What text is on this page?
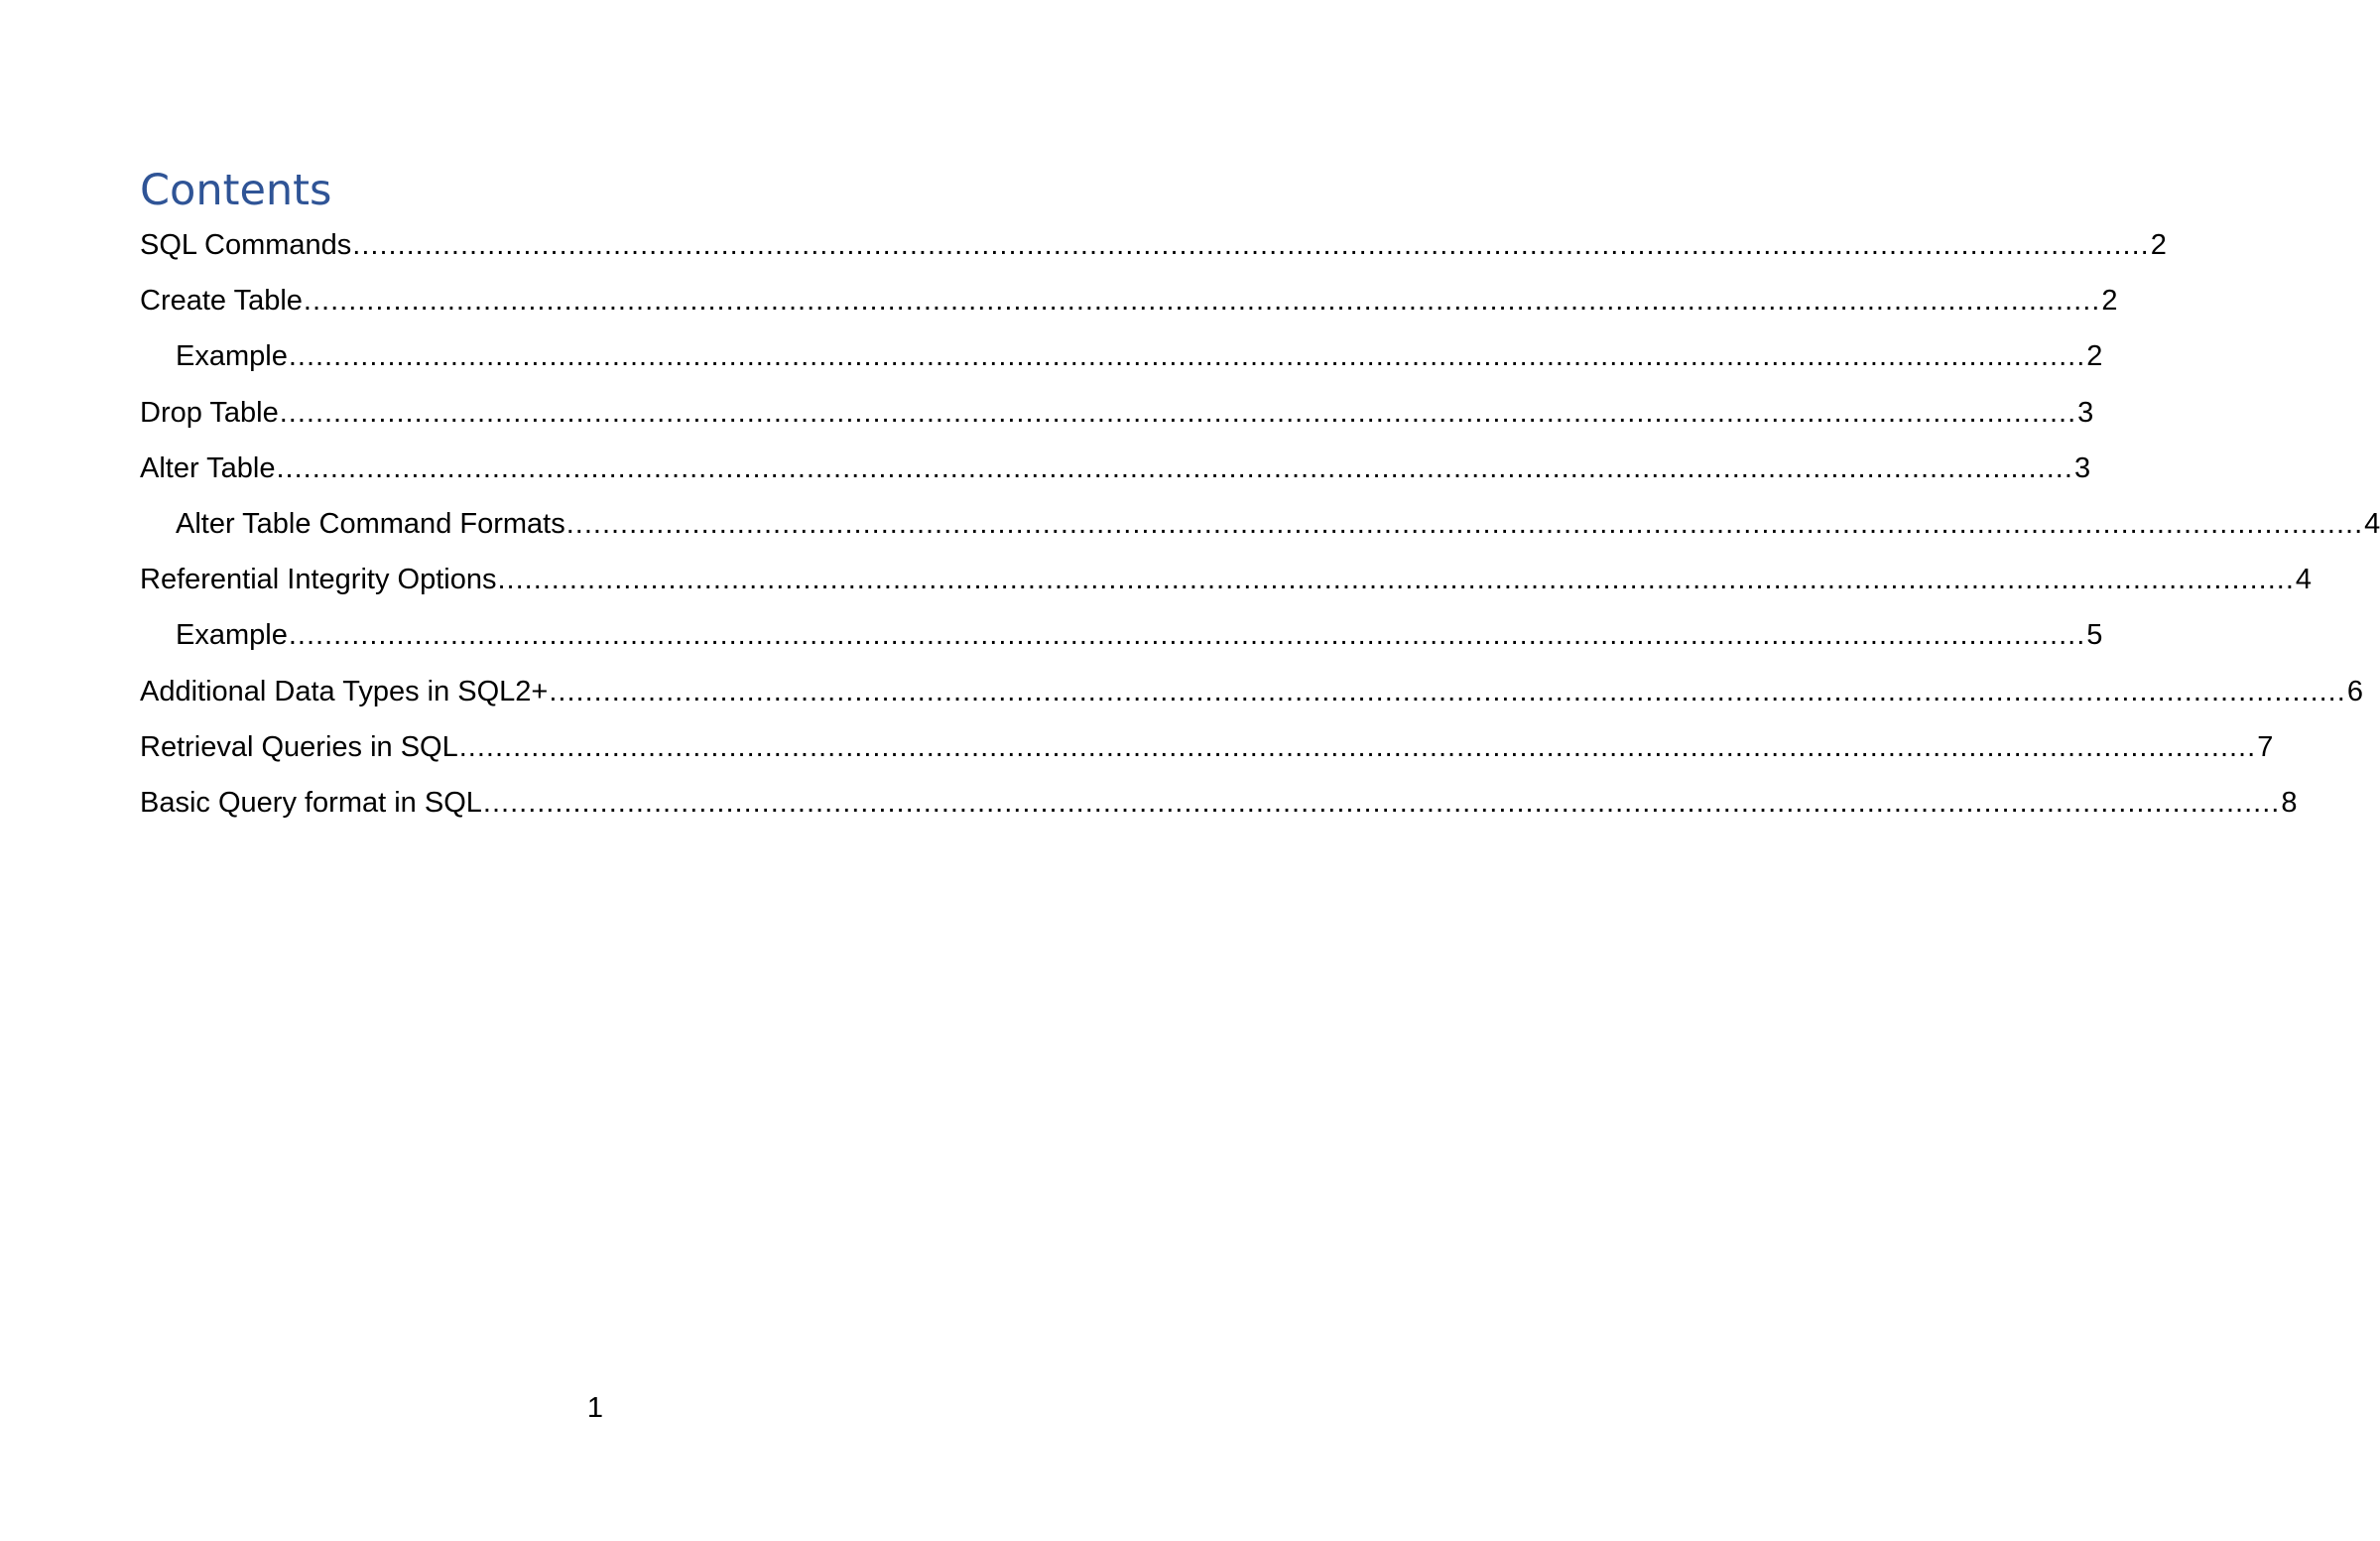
Contents
SQL Commands ........................................................................................................................................................................................................ 2
Create Table ........................................................................................................................................................................................................ 2
Example ........................................................................................................................................................................................................ 2
Drop Table ........................................................................................................................................................................................................ 3
Alter Table ........................................................................................................................................................................................................ 3
Alter Table Command Formats ........................................................................................................................................................................................................ 4
Referential Integrity Options ........................................................................................................................................................................................................ 4
Example ........................................................................................................................................................................................................ 5
Additional Data Types in SQL2+ ........................................................................................................................................................................................................ 6
Retrieval Queries in SQL ........................................................................................................................................................................................................ 7
Basic Query format in SQL ........................................................................................................................................................................................................ 8
1
